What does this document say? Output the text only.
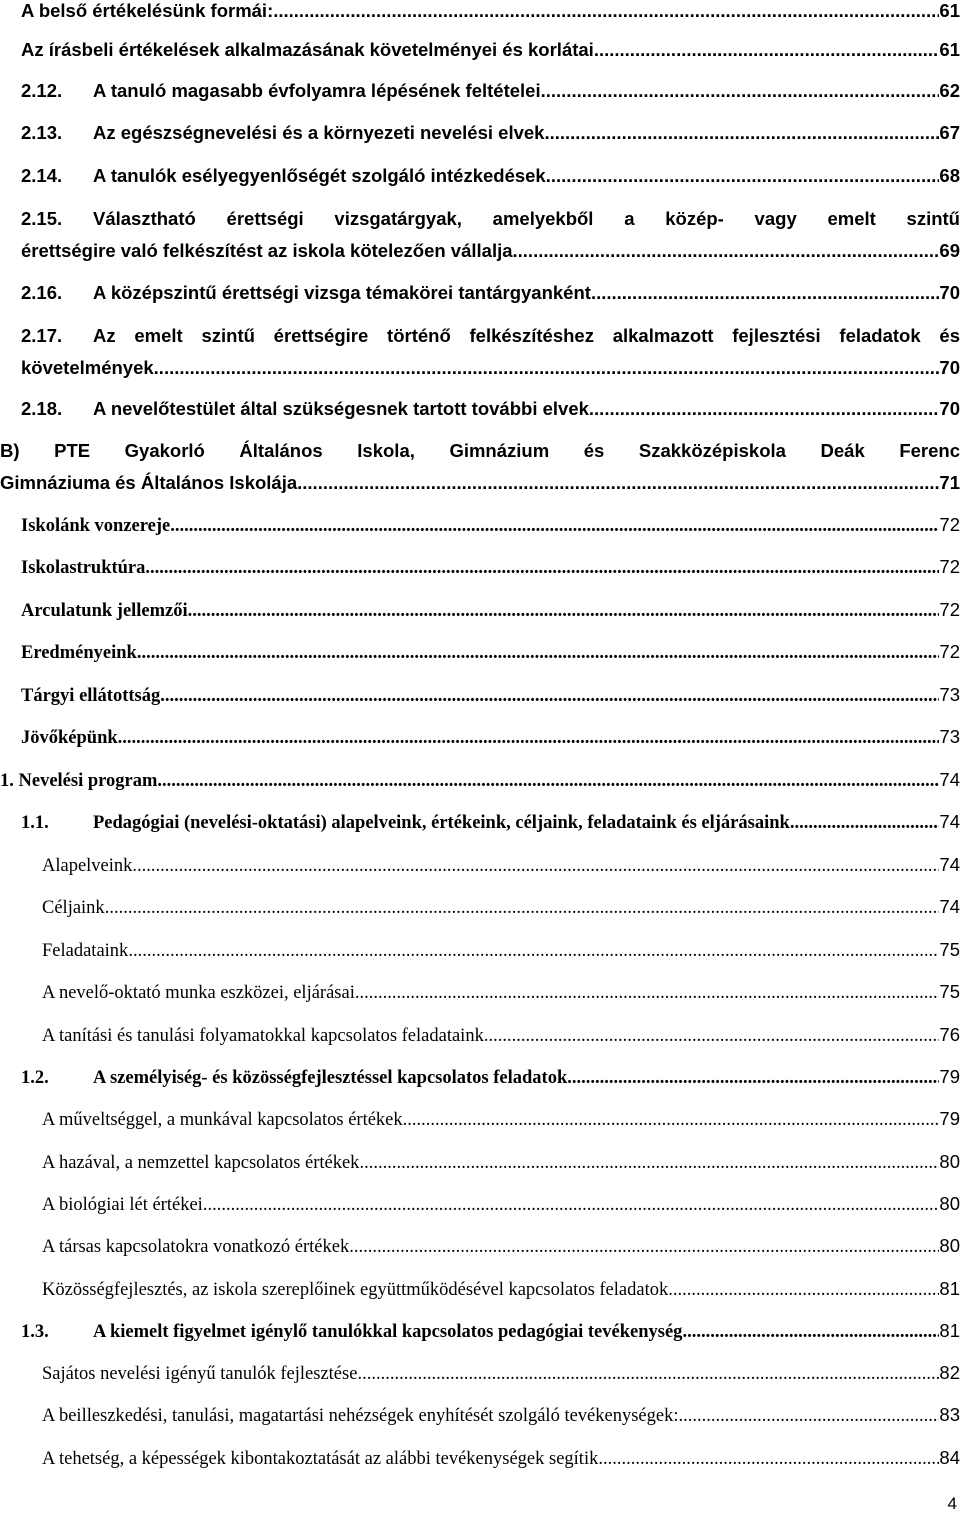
A belső értékelésünk formái: .....	61
Az írásbeli értékelések alkalmazásának követelményei és korlátai .....	61
2.12.	A tanuló magasabb évfolyamra lépésének feltételei .....	62
2.13.	Az egészségnevelési és a környezeti nevelési elvek .....	67
2.14.	A tanulók esélyegyenlőségét szolgáló intézkedések .....	68
2.15. Választható érettségi vizsgatárgyak, amelyekből a közép- vagy emelt szintű
érettségire való felkészítést az iskola kötelezően vállalja .....	69
2.16.	A középszintű érettségi vizsga témakörei tantárgyanként .....	70
2.17. Az emelt szintű érettségire történő felkészítéshez alkalmazott fejlesztési feladatok és
követelmények .....	70
2.18.	A nevelőtestület által szükségesnek tartott további elvek .....	70
B) PTE Gyakorló Általános Iskola, Gimnázium és Szakközépiskola Deák Ferenc
Gimnáziuma és Általános Iskolája .....	71
Iskolánk vonzereje .....	72
Iskolastruktúra .....	72
Arculatunk jellemzői .....	72
Eredményeink .....	72
Tárgyi ellátottság .....	73
Jövőképünk .....	73
1. Nevelési program .....	74
1.1.	Pedagógiai (nevelési-oktatási) alapelveink, értékeink, céljaink, feladataink és eljárásaink .....	74
Alapelveink .....	74
Céljaink .....	74
Feladataink .....	75
A nevelő-oktató munka eszközei, eljárásai .....	75
A tanítási és tanulási folyamatokkal kapcsolatos feladataink .....	76
1.2.	A személyiség- és közösségfejlesztéssel kapcsolatos feladatok .....	79
A műveltséggel, a munkával kapcsolatos értékek .....	79
A hazával, a nemzettel kapcsolatos értékek .....	80
A biológiai lét értékei .....	80
A társas kapcsolatokra vonatkozó értékek .....	80
Közösségfejlesztés, az iskola szereplőinek együttműködésével kapcsolatos feladatok .....	81
1.3.	A kiemelt figyelmet igénylő tanulókkal kapcsolatos pedagógiai tevékenység .....	81
Sajátos nevelési igényű tanulók fejlesztése .....	82
A beilleszkedési, tanulási, magatartási nehézségek enyhítését szolgáló tevékenységek: .....	83
A tehetség, a képességek kibontakoztatását az alábbi tevékenységek segítik .....	84
4
